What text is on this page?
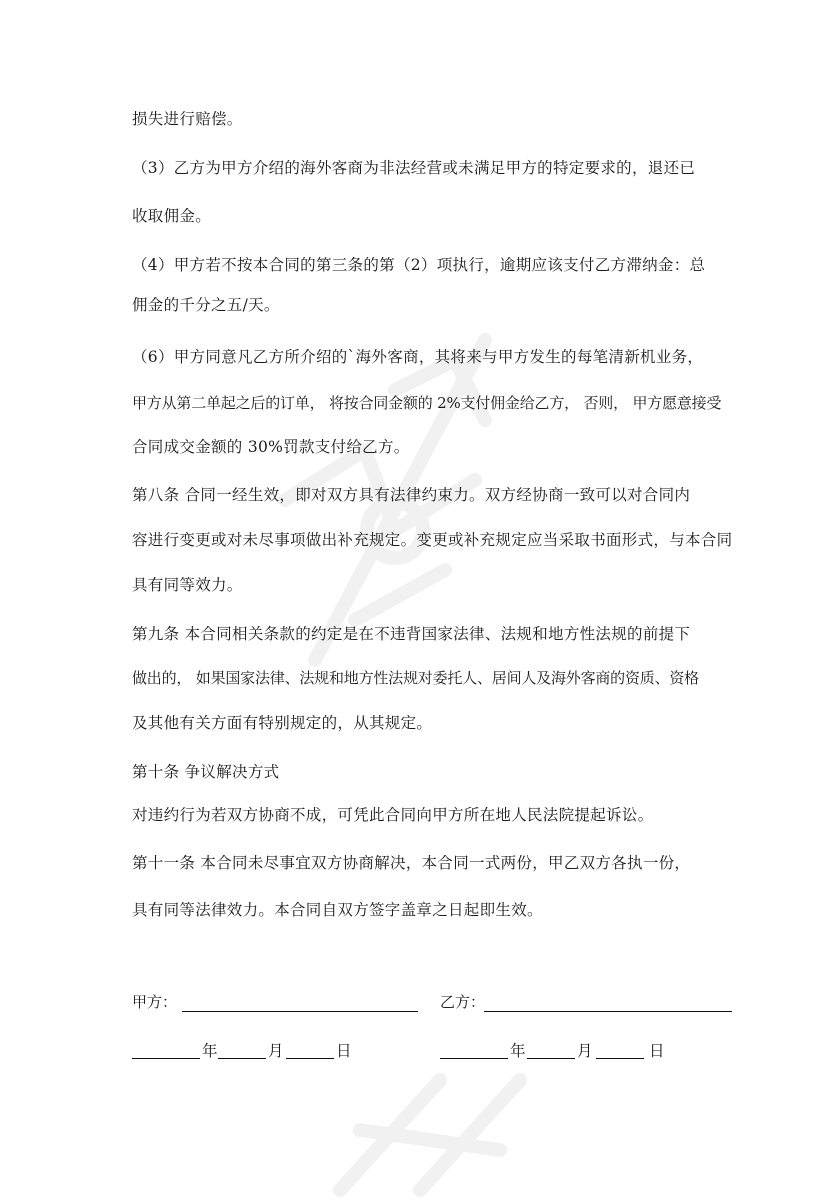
损失进行赔偿。
（3）乙方为甲方介绍的海外客商为非法经营或未满足甲方的特定要求的，退还已
收取佣金。
（4）甲方若不按本合同的第三条的第（2）项执行，逾期应该支付乙方滞纳金：总
佣金的千分之五/天。
（6）甲方同意凡乙方所介绍的`海外客商，其将来与甲方发生的每笔清新机业务，
甲方从第二单起之后的订单， 将按合同金额的 2%支付佣金给乙方， 否则， 甲方愿意接受
合同成交金额的 30%罚款支付给乙方。
第八条 合同一经生效，即对双方具有法律约束力。双方经协商一致可以对合同内
容进行变更或对未尽事项做出补充规定。变更或补充规定应当采取书面形式，与本合同
具有同等效力。
第九条 本合同相关条款的约定是在不违背国家法律、法规和地方性法规的前提下
做出的， 如果国家法律、法规和地方性法规对委托人、居间人及海外客商的资质、资格
及其他有关方面有特别规定的，从其规定。
第十条 争议解决方式
对违约行为若双方协商不成，可凭此合同向甲方所在地人民法院提起诉讼。
第十一条 本合同未尽事宜双方协商解决，本合同一式两份，甲乙双方各执一份，
具有同等法律效力。本合同自双方签字盖章之日起即生效。
甲方：	乙方：
年	月	日	年	月	日
